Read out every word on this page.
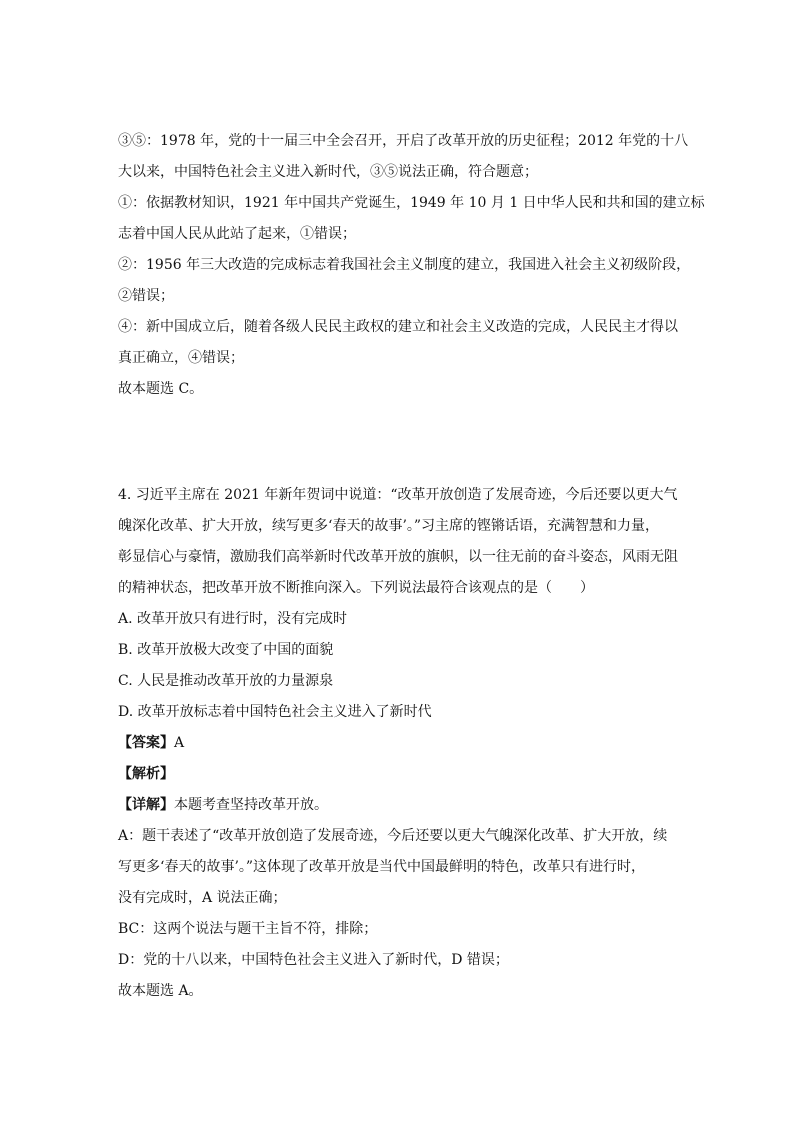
③⑤：1978 年，党的十一届三中全会召开，开启了改革开放的历史征程；2012 年党的十八

大以来，中国特色社会主义进入新时代，③⑤说法正确，符合题意；

①：依据教材知识，1921 年中国共产党诞生，1949 年 10 月 1 日中华人民和共和国的建立标

志着中国人民从此站了起来，①错误；

②：1956 年三大改造的完成标志着我国社会主义制度的建立，我国进入社会主义初级阶段，

②错误；

④：新中国成立后，随着各级人民民主政权的建立和社会主义改造的完成，人民民主才得以

真正确立，④错误；

故本题选 C。

4. 习近平主席在 2021 年新年贺词中说道：“改革开放创造了发展奇迹，今后还要以更大气

魄深化改革、扩大开放，续写更多‘春天的故事’。”习主席的铿锵话语，充满智慧和力量，

彰显信心与豪情，激励我们高举新时代改革开放的旗帜，以一往无前的奋斗姿态，风雨无阻

的精神状态，把改革开放不断推向深入。下列说法最符合该观点的是（　　）

A. 改革开放只有进行时，没有完成时

B. 改革开放极大改变了中国的面貌

C. 人民是推动改革开放的力量源泉

D. 改革开放标志着中国特色社会主义进入了新时代

【答案】A

【解析】

【详解】本题考查坚持改革开放。

A：题干表述了“改革开放创造了发展奇迹，今后还要以更大气魄深化改革、扩大开放，续

写更多‘春天的故事’。”这体现了改革开放是当代中国最鲜明的特色，改革只有进行时，

没有完成时，A 说法正确；

BC：这两个说法与题干主旨不符，排除；

D：党的十八以来，中国特色社会主义进入了新时代，D 错误；

故本题选 A。
